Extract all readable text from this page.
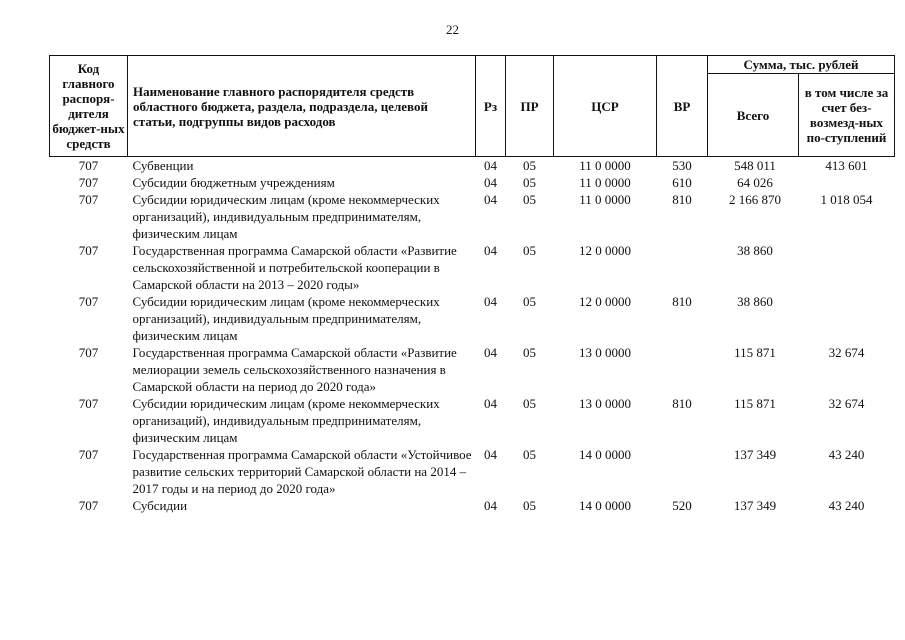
22
Код главного распоря-дителя бюджет-ных средств	Наименование главного распорядителя средств областного бюджета, раздела, подраздела, целевой статьи, подгруппы видов расходов	Рз	ПР	ЦСР	ВР	Сумма, тыс. рублей	
						Всего	в том числе за счет без-возмезд-ных по-ступлений
707	Субвенции	04	05	11 0 0000	530	548 011	413 601
707	Субсидии бюджетным учреждениям	04	05	11 0 0000	610	64 026	
707	Субсидии юридическим лицам (кроме некоммерческих организаций), индивидуальным предпринимателям, физическим лицам	04	05	11 0 0000	810	2 166 870	1 018 054
707	Государственная программа Самарской области «Развитие сельскохозяйственной и потребительской кооперации в Самарской области на 2013 – 2020 годы»	04	05	12 0 0000		38 860	
707	Субсидии юридическим лицам (кроме некоммерческих организаций), индивидуальным предпринимателям, физическим лицам	04	05	12 0 0000	810	38 860	
707	Государственная программа Самарской области «Развитие мелиорации земель сельскохозяйственного назначения в Самарской области на период до 2020 года»	04	05	13 0 0000		115 871	32 674
707	Субсидии юридическим лицам (кроме некоммерческих организаций), индивидуальным предпринимателям, физическим лицам	04	05	13 0 0000	810	115 871	32 674
707	Государственная программа Самарской области «Устойчивое развитие сельских территорий Самарской области на 2014 – 2017 годы и на период до 2020 года»	04	05	14 0 0000		137 349	43 240
707	Субсидии	04	05	14 0 0000	520	137 349	43 240
